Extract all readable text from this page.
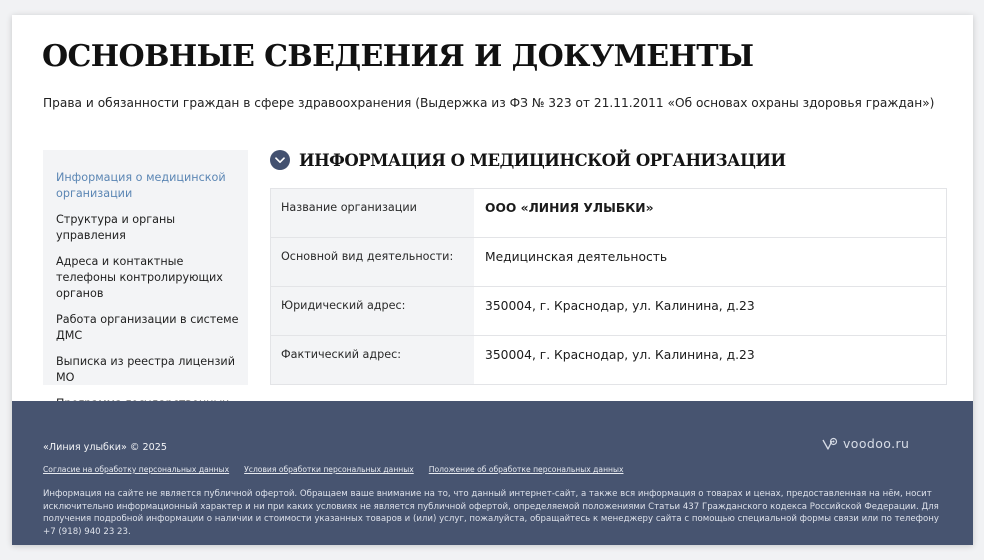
ОСНОВНЫЕ СВЕДЕНИЯ И ДОКУМЕНТЫ
Права и обязанности граждан в сфере здравоохранения (Выдержка из ФЗ № 323 от 21.11.2011 «Об основах охраны здоровья граждан»)
Информация о медицинской организации
Структура и органы управления
Адреса и контактные телефоны контролирующих органов
Работа организации в системе ДМС
Выписка из реестра лицензий МО
ИНФОРМАЦИЯ О МЕДИЦИНСКОЙ ОРГАНИЗАЦИИ
Название организации	ООО «ЛИНИЯ УЛЫБКИ»
Основной вид деятельности:	Медицинская деятельность
Юридический адрес:	350004, г. Краснодар, ул. Калинина, д.23
Фактический адрес:	350004, г. Краснодар, ул. Калинина, д.23
«Линия улыбки» © 2025
Согласие на обработку персональных данных Условия обработки персональных данных Положение об обработке персональных данных

Информация на сайте не является публичной офертой. Обращаем ваше внимание на то, что данный интернет-сайт, а также вся информация о товарах и ценах, предоставленная на нём, носит исключительно информационный характер и ни при каких условиях не является публичной офертой, определяемой положениями Статьи 437 Гражданского кодекса Российской Федерации. Для получения подробной информации о наличии и стоимости указанных товаров и (или) услуг, пожалуйста, обращайтесь к менеджеру сайта с помощью специальной формы связи или по телефону +7 (918) 940 23 23.

voodoo.ru
